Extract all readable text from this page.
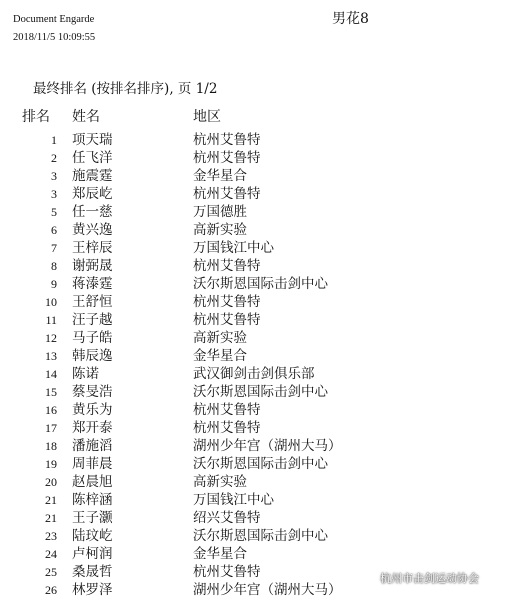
Document Engarde
2018/11/5 10:09:55
男花8
最终排名 (按排名排序), 页 1/2
排名 姓名	地区
1 项天瑞	杭州艾鲁特
2 任飞洋	杭州艾鲁特
3 施震霆	金华星合
3 郑辰屹	杭州艾鲁特
5 任一慈	万国德胜
6 黄兴逸	高新实验
7 王梓辰	万国钱江中心
8 谢弼晟	杭州艾鲁特
9 蒋溙霆	沃尔斯恩国际击剑中心
10 王舒恒	杭州艾鲁特
11 汪子越	杭州艾鲁特
12 马子皓	高新实验
13 韩辰逸	金华星合
14 陈诺	武汉御剑击剑俱乐部
15 蔡旻浩	沃尔斯恩国际击剑中心
16 黄乐为	杭州艾鲁特
17 郑开泰	杭州艾鲁特
18 潘施滔	湖州少年宫（湖州大马）
19 周菲晨	沃尔斯恩国际击剑中心
20 赵晨旭	高新实验
21 陈梓涵	万国钱江中心
21 王子灏	绍兴艾鲁特
23 陆玟屹	沃尔斯恩国际击剑中心
24 卢柯润	金华星合
25 桑晟哲	杭州艾鲁特
26 林罗泽	湖州少年宫（湖州大马）
杭州市击剑运动协会
